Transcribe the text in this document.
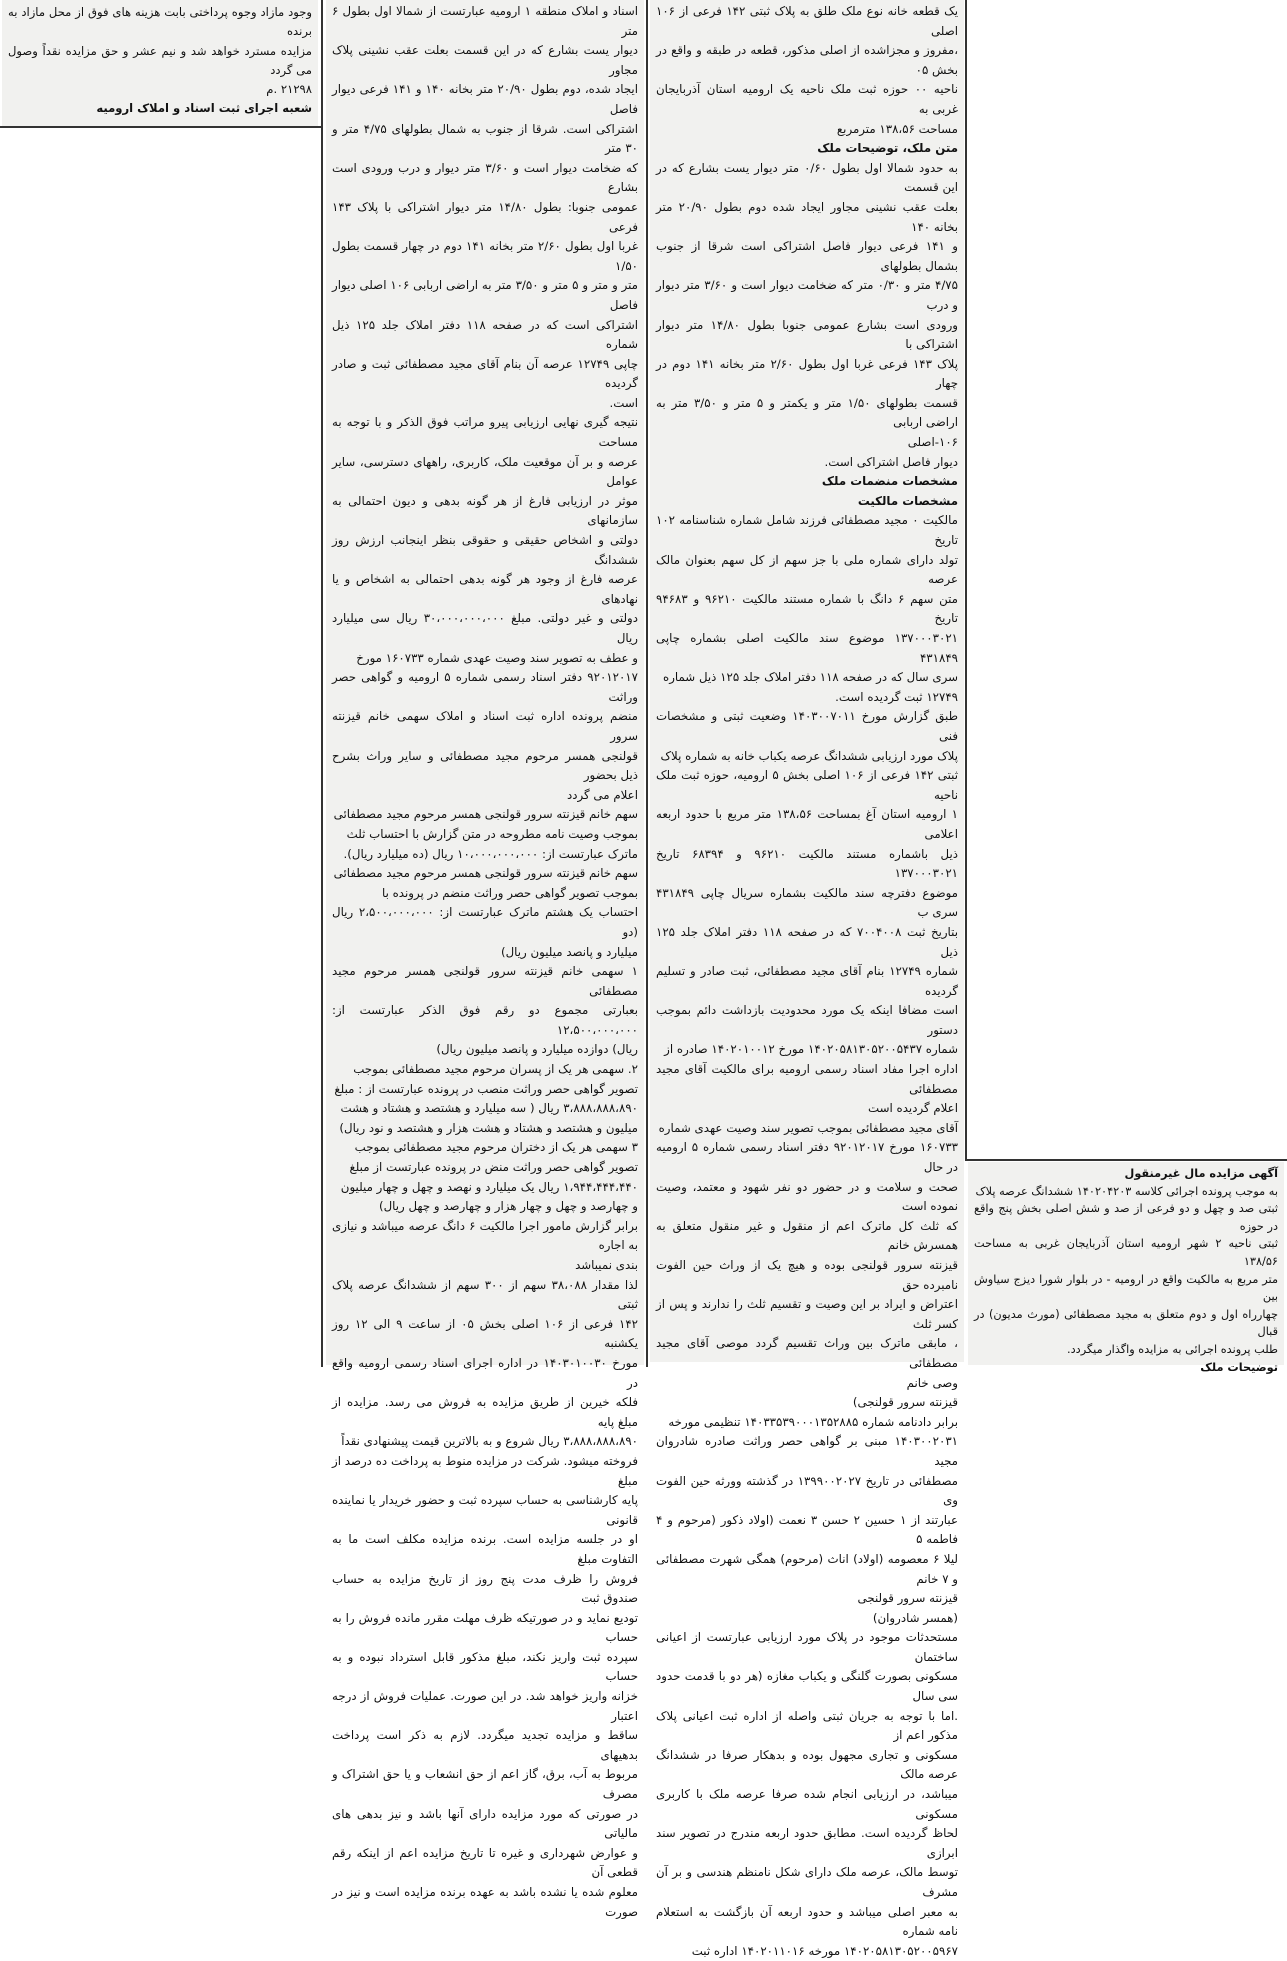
وجود مازاد وجوه پرداختی بابت هزینه های فوق از محل مازاد به برنده

مزایده مسترد خواهد شد و نیم عشر و حق مزایده نقداً وصول می گردد

۲۱۲۹۸ .م

شعبه اجرای ثبت اسناد و املاک ارومیه

اسناد و املاک منطقه ۱ ارومیه عبارتست از شمالا اول بطول ۶ متر

دیوار یست بشارع که در این قسمت بعلت عقب نشینی پلاک مجاور

ایجاد شده، دوم بطول ۲۰/۹۰ متر بخانه ۱۴۰ و ۱۴۱ فرعی دیوار فاصل

اشتراکی است. شرقا از جنوب به شمال بطولهای ۴/۷۵ متر و ۳۰ متر

که ضخامت دیوار است و ۳/۶۰ متر دیوار و درب ورودی است بشارع

عمومی جنوبا: بطول ۱۴/۸۰ متر دیوار اشتراکی با پلاک ۱۴۳ فرعی

غربا اول بطول ۲/۶۰ متر بخانه ۱۴۱ دوم در چهار قسمت بطول ۱/۵۰

متر و متر و ۵ متر و ۳/۵۰ متر به اراضی اربابی ۱۰۶ اصلی دیوار فاصل

اشتراکی است که در صفحه ۱۱۸ دفتر املاک جلد ۱۲۵ ذیل شماره

چاپی ۱۲۷۴۹ عرصه آن بنام آقای مجید مصطفائی ثبت و صادر گردیده

است.

نتیجه گیری نهایی ارزیابی پیرو مراتب فوق الذکر و با توجه به مساحت

عرصه و بر آن موقعیت ملک، کاربری، راههای دسترسی، سایر عوامل

موثر در ارزیابی فارغ از هر گونه بدهی و دیون احتمالی به سازمانهای

دولتی و اشخاص حقیقی و حقوقی بنظر اینجانب ارزش روز ششدانگ

عرصه فارغ از وجود هر گونه بدهی احتمالی به اشخاص و یا نهادهای

دولتی و غیر دولتی. مبلغ ۳۰،۰۰۰،۰۰۰،۰۰۰ ریال سی میلیارد ریال

و عطف به تصویر سند وصیت عهدی شماره ۱۶۰۷۳۳ مورخ

۹۲۰۱۲۰۱۷ دفتر اسناد رسمی شماره ۵ ارومیه و گواهی حصر وراثت

منضم پرونده اداره ثبت اسناد و املاک سهمی خانم قیزنته سرور

قولنجی همسر مرحوم مجید مصطفائی و سایر وراث بشرح ذیل بحضور

اعلام می گردد

سهم خانم قیزنته سرور قولنجی همسر مرحوم مجید مصطفائی

بموجب وصیت نامه مطروحه در متن گزارش با احتساب ثلث

ماترک عبارتست از: ۱۰،۰۰۰،۰۰۰،۰۰۰ ریال (ده میلیارد ریال).

سهم خانم قیزنته سرور قولنجی همسر مرحوم مجید مصطفائی

بموجب تصویر گواهی حصر وراثت منضم در پرونده با

احتساب یک هشتم ماترک عبارتست از: ۲،۵۰۰،۰۰۰،۰۰۰ ریال (دو

میلیارد و پانصد میلیون ریال)

۱ سهمی خانم قیزنته سرور قولنجی همسر مرحوم مجید مصطفائی

بعبارتی مجموع دو رقم فوق الذکر عبارتست از: ۱۲،۵۰۰،۰۰۰،۰۰۰

ریال) دوازده میلیارد و پانصد میلیون ریال)

۲. سهمی هر یک از پسران مرحوم مجید مصطفائی بموجب

تصویر گواهی حصر وراثت منصب در پرونده عبارتست از : مبلغ

۳،۸۸۸،۸۸۸،۸۹۰ ریال ( سه میلیارد و هشتصد و هشتاد و هشت

میلیون و هشتصد و هشتاد و هشت هزار و هشتصد و نود ریال)

۳ سهمی هر یک از دختران مرحوم مجید مصطفائی بموجب

تصویر گواهی حصر وراثت منض در پرونده عبارتست از مبلغ

۱،۹۴۴،۴۴۴،۴۴۰ ریال یک میلیارد و نهصد و چهل و چهار میلیون

و چهارصد و چهل و چهار هزار و چهارصد و چهل ریال)

برابر گزارش مامور اجرا مالکیت ۶ دانگ عرصه میباشد و نیازی به اجاره

بندی نمیباشد

لذا مقدار ۳۸،۰۸۸ سهم از ۳۰۰ سهم از ششدانگ عرصه پلاک ثبتی

۱۴۲ فرعی از ۱۰۶ اصلی بخش ۰۵ از ساعت ۹ الی ۱۲ روز یکشنبه

مورخ ۱۴۰۳۰۱۰۰۳۰ در اداره اجرای اسناد رسمی ارومیه واقع در

فلکه خیرین از طریق مزایده به فروش می رسد. مزایده از مبلغ پایه

۳،۸۸۸،۸۸۸،۸۹۰ ریال شروع و به بالاترین قیمت پیشنهادی نقداً

فروخته میشود. شرکت در مزایده منوط به پرداخت ده درصد از مبلغ

پایه کارشناسی به حساب سپرده ثبت و حضور خریدار یا نماینده قانونی

او در جلسه مزایده است. برنده مزایده مکلف است ما به التفاوت مبلغ

فروش را ظرف مدت پنج روز از تاریخ مزایده به حساب صندوق ثبت

تودیع نماید و در صورتیکه ظرف مهلت مقرر مانده فروش را به حساب

سپرده ثبت واریز نکند، مبلغ مذکور قابل استرداد نبوده و به حساب

خزانه واریز خواهد شد. در این صورت. عملیات فروش از درجه اعتبار

ساقط و مزایده تجدید میگردد. لازم به ذکر است پرداخت بدهیهای

مربوط به آب، برق، گاز اعم از حق انشعاب و یا حق اشتراک و مصرف

در صورتی که مورد مزایده دارای آنها باشد و نیز بدهی های مالیاتی

و عوارض شهرداری و غیره تا تاریخ مزایده اعم از اینکه رقم قطعی آن

معلوم شده یا نشده باشد به عهده برنده مزایده است و نیز در صورت

یک قطعه خانه نوع ملک طلق به پلاک ثبتی ۱۴۲ فرعی از ۱۰۶ اصلی

،مفروز و مجزاشده از اصلی مذکور، قطعه در طبقه و واقع در بخش ۰۵

ناحیه ۰۰ حوزه ثبت ملک ناحیه یک ارومیه استان آذربایجان غربی به

مساحت ۱۳۸،۵۶ مترمربع

متن ملک، توضیحات ملک

به حدود شمالا اول بطول ۰/۶۰ متر دیوار یست بشارع که در این قسمت

بعلت عقب نشینی مجاور ایجاد شده دوم بطول ۲۰/۹۰ متر بخانه ۱۴۰

و ۱۴۱ فرعی دیوار فاصل اشتراکی است شرقا از جنوب بشمال بطولهای

۴/۷۵ متر و ۰/۳۰ متر که ضخامت دیوار است و ۳/۶۰ متر دیوار و درب

ورودی است بشارع عمومی جنوبا بطول ۱۴/۸۰ متر دیوار اشتراکی با

پلاک ۱۴۳ فرعی غربا اول بطول ۲/۶۰ متر بخانه ۱۴۱ دوم در چهار

قسمت بطولهای ۱/۵۰ متر و یکمتر و ۵ متر و ۳/۵۰ متر به اراضی اربابی

۱۰۶-اصلی

دیوار فاصل اشتراکی است.

مشخصات منضمات ملک

مشخصات مالکیت

مالکیت ۰ مجید مصطفائی فرزند شامل شماره شناسنامه ۱۰۲ تاریخ

تولد دارای شماره ملی با جز سهم از کل سهم بعنوان مالک عرصه

متن سهم ۶ دانگ با شماره مستند مالکیت ۹۶۲۱۰ و ۹۴۶۸۳ تاریخ

۱۳۷۰۰۰۳۰۲۱ موضوع سند مالکیت اصلی بشماره چاپی ۴۳۱۸۴۹

سری سال که در صفحه ۱۱۸ دفتر املاک جلد ۱۲۵ ذیل شماره

۱۲۷۴۹ ثبت گردیده است.

طبق گزارش مورخ ۱۴۰۳۰۰۷۰۱۱ وضعیت ثبتی و مشخصات فنی

پلاک مورد ارزیابی ششدانگ عرصه یکباب خانه به شماره پلاک

ثبتی ۱۴۲ فرعی از ۱۰۶ اصلی بخش ۵ ارومیه، حوزه ثبت ملک ناحیه

۱ ارومیه استان آغ بمساحت ۱۳۸،۵۶ متر مربع با حدود اربعه اعلامی

ذیل باشماره مستند مالکیت ۹۶۲۱۰ و ۶۸۳۹۴ تاریخ ۱۳۷۰۰۰۳۰۲۱

موضوع دفترچه سند مالکیت بشماره سریال چاپی ۴۳۱۸۴۹ سری ب

بتاریخ ثبت ۷۰۰۴۰۰۸ که در صفحه ۱۱۸ دفتر املاک جلد ۱۲۵ ذیل

شماره ۱۲۷۴۹ بنام آقای مجید مصطفائی، ثبت صادر و تسلیم گردیده

است مضافا اینکه یک مورد محدودیت بازداشت دائم بموجب دستور

شماره ۱۴۰۲۰۵۸۱۳۰۵۲۰۰۵۴۳۷ مورخ ۱۴۰۲۰۱۰۰۱۲ صادره از

اداره اجرا مفاد اسناد رسمی ارومیه برای مالکیت آقای مجید مصطفائی

اعلام گردیده است

آقای مجید مصطفائی بموجب تصویر سند وصیت عهدی شماره

۱۶۰۷۳۳ مورخ ۹۲۰۱۲۰۱۷ دفتر اسناد رسمی شماره ۵ ارومیه در حال

صحت و سلامت و در حضور دو نفر شهود و معتمد، وصیت نموده است

که ثلث کل ماترک اعم از منقول و غیر منقول متعلق به همسرش خانم

قیزنته سرور قولنجی بوده و هیچ یک از وراث حین الفوت نامبرده حق

اعتراض و ایراد بر این وصیت و تقسیم ثلث را ندارند و پس از کسر ثلث

، مابقی ماترک بین وراث تقسیم گردد موصی آقای مجید مصطفائی

وصی خانم

قیزنته سرور قولنجی)

برابر دادنامه شماره ۱۴۰۳۳۵۳۹۰۰۰۱۳۵۲۸۸۵ تنظیمی مورخه

۱۴۰۳۰۰۲۰۳۱ مبنی بر گواهی حصر وراثت صادره شادروان مجید

مصطفائی در تاریخ ۱۳۹۹۰۰۲۰۲۷ در گذشته وورثه حین الفوت وی

عبارتند از ۱ حسین ۲ حسن ۳ نعمت (اولاد ذکور (مرحوم و ۴ فاطمه ۵

لیلا ۶ معصومه (اولاد) اناث (مرحوم) همگی شهرت مصطفائی و ۷ خانم

قیزنته سرور قولنجی

(همسر شادروان)

مستحدثات موجود در پلاک مورد ارزیابی عبارتست از اعیانی ساختمان

مسکونی بصورت گلنگی و یکباب مغازه (هر دو با قدمت حدود سی سال

.اما با توجه به جریان ثبتی واصله از اداره ثبت اعیانی پلاک مذکور اعم از

مسکونی و تجاری مجهول بوده و بدهکار صرفا در ششدانگ عرصه مالک

میباشد، در ارزیابی انجام شده صرفا عرصه ملک با کاربری مسکونی

لحاظ گردیده است. مطابق حدود اربعه مندرج در تصویر سند ابرازی

توسط مالک، عرصه ملک دارای شکل نامنظم هندسی و بر آن مشرف

به معبر اصلی میباشد و حدود اربعه آن بازگشت به استعلام نامه شماره

۱۴۰۲۰۵۸۱۳۰۵۲۰۰۵۹۶۷ مورخه ۱۴۰۲۰۱۱۰۱۶ اداره ثبت

آگهی مزایده مال غیرمنقول

به موجب پرونده اجرائی کلاسه ۱۴۰۲۰۴۲۰۳ ششدانگ عرصه پلاک

ثبتی صد و چهل و دو فرعی از صد و شش اصلی بخش پنج واقع در حوزه

ثبتی ناحیه ۲ شهر ارومیه استان آذربایجان غربی به مساحت ۱۳۸/۵۶

متر مربع به مالکیت واقع در ارومیه - در بلوار شورا دیزج سیاوش بین

چهارراه اول و دوم متعلق به مجید مصطفائی (مورث مدیون) در قبال

طلب پرونده اجرائی به مزایده واگذار میگردد.

توضیحات ملک
